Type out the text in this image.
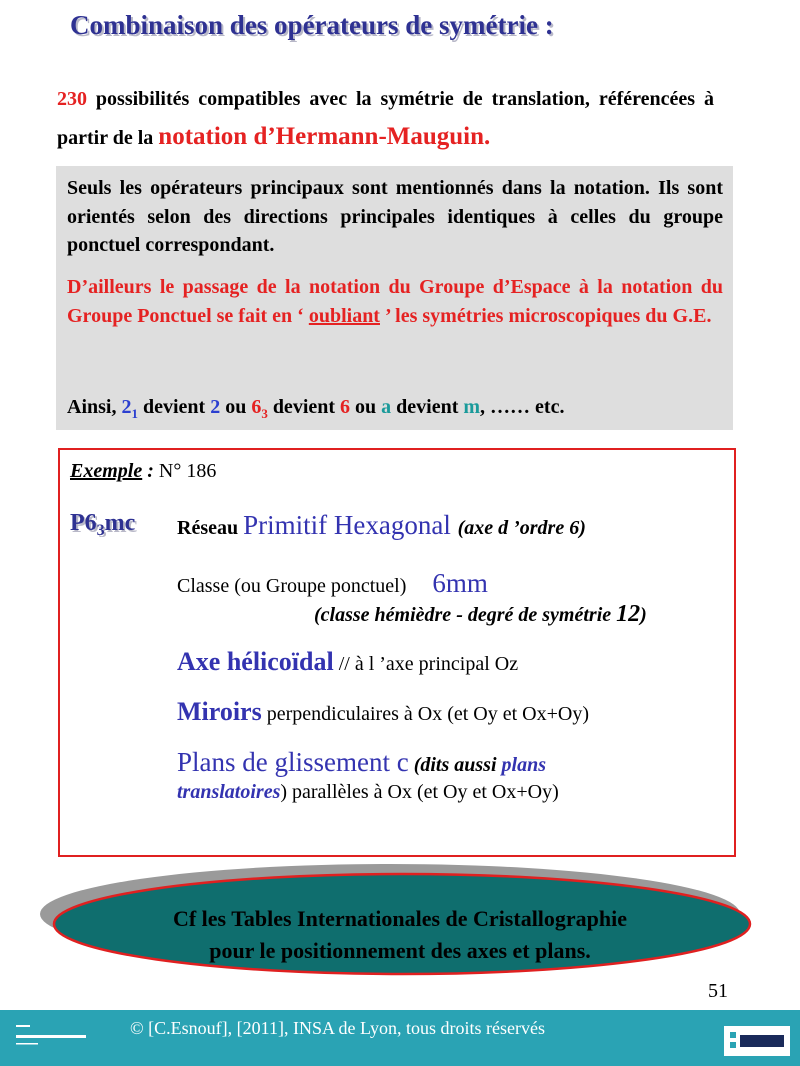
Combinaison des opérateurs de symétrie :
230 possibilités compatibles avec la symétrie de translation, référencées à partir de la notation d’Hermann-Mauguin.
Seuls les opérateurs principaux sont mentionnés dans la notation. Ils sont orientés selon des directions principales identiques à celles du groupe ponctuel correspondant.
D’ailleurs le passage de la notation du Groupe d’Espace à la notation du Groupe Ponctuel se fait en ‘ oubliant ’ les symétries microscopiques du G.E.
Ainsi, $2_1$ devient 2 ou $6_3$ devient 6 ou a devient m, …… etc.
Exemple : N° 186
$P6_3mc$ Réseau Primitif Hexagonal (axe d ’ordre 6)
Classe (ou Groupe ponctuel) 6mm
(classe hémièdre - degré de symétrie 12)
Axe hélicoïdal // à l ’axe principal Oz
Miroirs perpendiculaires à Ox (et Oy et Ox+Oy)
Plans de glissement c (dits aussi plans
translatoires) parallèles à Ox (et Oy et Ox+Oy)
Cf les Tables Internationales de Cristallographie
pour le positionnement des axes et plans.
51
© [C.Esnouf], [2011], INSA de Lyon, tous droits réservés
